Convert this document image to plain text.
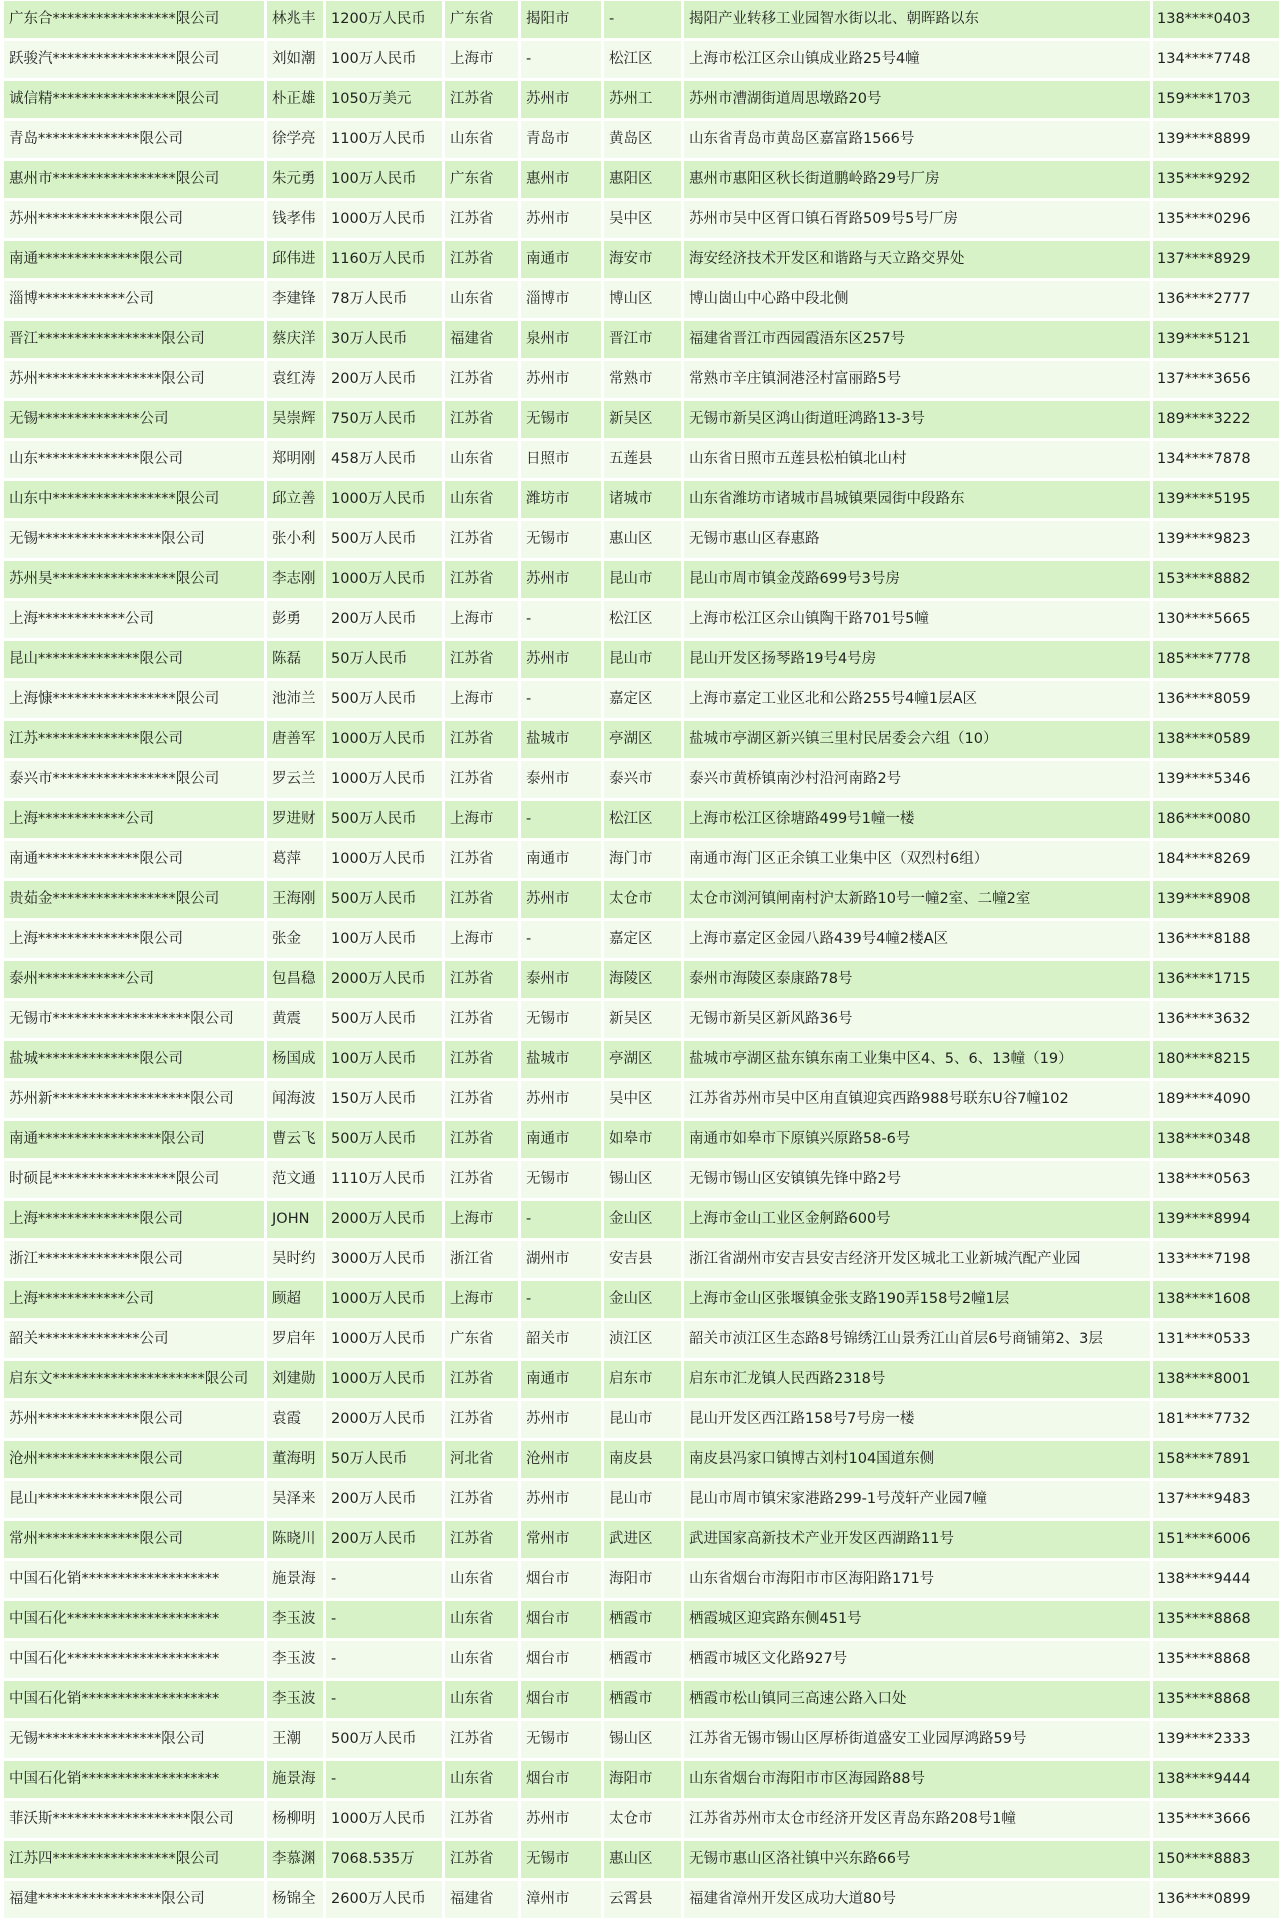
广东合*****************限公司	林兆丰	1200万人民币	广东省	揭阳市	-	揭阳产业转移工业园智水街以北、朝晖路以东	138****0403
跃骏汽*****************限公司	刘如潮	100万人民币	上海市	-	松江区	上海市松江区佘山镇成业路25号4幢	134****7748
诚信精*****************限公司	朴正雄	1050万美元	江苏省	苏州市	苏州工	苏州市漕湖街道周思墩路20号	159****1703
青岛**************限公司	徐学亮	1100万人民币	山东省	青岛市	黄岛区	山东省青岛市黄岛区嘉富路1566号	139****8899
惠州市*****************限公司	朱元勇	100万人民币	广东省	惠州市	惠阳区	惠州市惠阳区秋长街道鹏岭路29号厂房	135****9292
苏州**************限公司	钱孝伟	1000万人民币	江苏省	苏州市	吴中区	苏州市吴中区胥口镇石胥路509号5号厂房	135****0296
南通**************限公司	邱伟进	1160万人民币	江苏省	南通市	海安市	海安经济技术开发区和谐路与天立路交界处	137****8929
淄博************公司	李建锋	78万人民币	山东省	淄博市	博山区	博山崮山中心路中段北侧	136****2777
晋江*****************限公司	蔡庆洋	30万人民币	福建省	泉州市	晋江市	福建省晋江市西园霞浯东区257号	139****5121
苏州*****************限公司	袁红涛	200万人民币	江苏省	苏州市	常熟市	常熟市辛庄镇洞港泾村富丽路5号	137****3656
无锡**************公司	吴崇辉	750万人民币	江苏省	无锡市	新吴区	无锡市新吴区鸿山街道旺鸿路13-3号	189****3222
山东**************限公司	郑明刚	458万人民币	山东省	日照市	五莲县	山东省日照市五莲县松柏镇北山村	134****7878
山东中*****************限公司	邱立善	1000万人民币	山东省	潍坊市	诸城市	山东省潍坊市诸城市昌城镇栗园街中段路东	139****5195
无锡*****************限公司	张小利	500万人民币	江苏省	无锡市	惠山区	无锡市惠山区春惠路	139****9823
苏州昊*****************限公司	李志刚	1000万人民币	江苏省	苏州市	昆山市	昆山市周市镇金茂路699号3号房	153****8882
上海************公司	彭勇	200万人民币	上海市	-	松江区	上海市松江区佘山镇陶干路701号5幢	130****5665
昆山**************限公司	陈磊	50万人民币	江苏省	苏州市	昆山市	昆山开发区扬琴路19号4号房	185****7778
上海慷*****************限公司	池沛兰	500万人民币	上海市	-	嘉定区	上海市嘉定工业区北和公路255号4幢1层A区	136****8059
江苏**************限公司	唐善军	1000万人民币	江苏省	盐城市	亭湖区	盐城市亭湖区新兴镇三里村民居委会六组（10）	138****0589
泰兴市*****************限公司	罗云兰	1000万人民币	江苏省	泰州市	泰兴市	泰兴市黄桥镇南沙村沿河南路2号	139****5346
上海************公司	罗进财	500万人民币	上海市	-	松江区	上海市松江区徐塘路499号1幢一楼	186****0080
南通**************限公司	葛萍	1000万人民币	江苏省	南通市	海门市	南通市海门区正余镇工业集中区（双烈村6组）	184****8269
贵茹金*****************限公司	王海刚	500万人民币	江苏省	苏州市	太仓市	太仓市浏河镇闸南村沪太新路10号一幢2室、二幢2室	139****8908
上海**************限公司	张金	100万人民币	上海市	-	嘉定区	上海市嘉定区金园八路439号4幢2楼A区	136****8188
泰州************公司	包昌稳	2000万人民币	江苏省	泰州市	海陵区	泰州市海陵区泰康路78号	136****1715
无锡市*******************限公司	黄震	500万人民币	江苏省	无锡市	新吴区	无锡市新吴区新风路36号	136****3632
盐城**************限公司	杨国成	100万人民币	江苏省	盐城市	亭湖区	盐城市亭湖区盐东镇东南工业集中区4、5、6、13幢（19）	180****8215
苏州新*******************限公司	闻海波	150万人民币	江苏省	苏州市	吴中区	江苏省苏州市吴中区甪直镇迎宾西路988号联东U谷7幢102	189****4090
南通*****************限公司	曹云飞	500万人民币	江苏省	南通市	如皋市	南通市如皋市下原镇兴原路58-6号	138****0348
时硕昆*****************限公司	范文通	1110万人民币	江苏省	无锡市	锡山区	无锡市锡山区安镇镇先锋中路2号	138****0563
上海**************限公司	JOHN	2000万人民币	上海市	-	金山区	上海市金山工业区金舸路600号	139****8994
浙江**************限公司	吴时约	3000万人民币	浙江省	湖州市	安吉县	浙江省湖州市安吉县安吉经济开发区城北工业新城汽配产业园	133****7198
上海************公司	顾超	1000万人民币	上海市	-	金山区	上海市金山区张堰镇金张支路190弄158号2幢1层	138****1608
韶关**************公司	罗启年	1000万人民币	广东省	韶关市	浈江区	韶关市浈江区生态路8号锦绣江山景秀江山首层6号商铺第2、3层	131****0533
启东文*********************限公司	刘建勋	1000万人民币	江苏省	南通市	启东市	启东市汇龙镇人民西路2318号	138****8001
苏州**************限公司	袁霞	2000万人民币	江苏省	苏州市	昆山市	昆山开发区西江路158号7号房一楼	181****7732
沧州**************限公司	董海明	50万人民币	河北省	沧州市	南皮县	南皮县冯家口镇博古刘村104国道东侧	158****7891
昆山**************限公司	吴泽来	200万人民币	江苏省	苏州市	昆山市	昆山市周市镇宋家港路299-1号茂轩产业园7幢	137****9483
常州**************限公司	陈晓川	200万人民币	江苏省	常州市	武进区	武进国家高新技术产业开发区西湖路11号	151****6006
中国石化销*******************	施景海	-	山东省	烟台市	海阳市	山东省烟台市海阳市市区海阳路171号	138****9444
中国石化*********************	李玉波	-	山东省	烟台市	栖霞市	栖霞城区迎宾路东侧451号	135****8868
中国石化*********************	李玉波	-	山东省	烟台市	栖霞市	栖霞市城区文化路927号	135****8868
中国石化销*******************	李玉波	-	山东省	烟台市	栖霞市	栖霞市松山镇同三高速公路入口处	135****8868
无锡*****************限公司	王潮	500万人民币	江苏省	无锡市	锡山区	江苏省无锡市锡山区厚桥街道盛安工业园厚鸿路59号	139****2333
中国石化销*******************	施景海	-	山东省	烟台市	海阳市	山东省烟台市海阳市市区海园路88号	138****9444
菲沃斯*******************限公司	杨柳明	1000万人民币	江苏省	苏州市	太仓市	江苏省苏州市太仓市经济开发区青岛东路208号1幢	135****3666
江苏四*****************限公司	李慕渊	7068.535万	江苏省	无锡市	惠山区	无锡市惠山区洛社镇中兴东路66号	150****8883
福建*****************限公司	杨锦全	2600万人民币	福建省	漳州市	云霄县	福建省漳州开发区成功大道80号	136****0899
